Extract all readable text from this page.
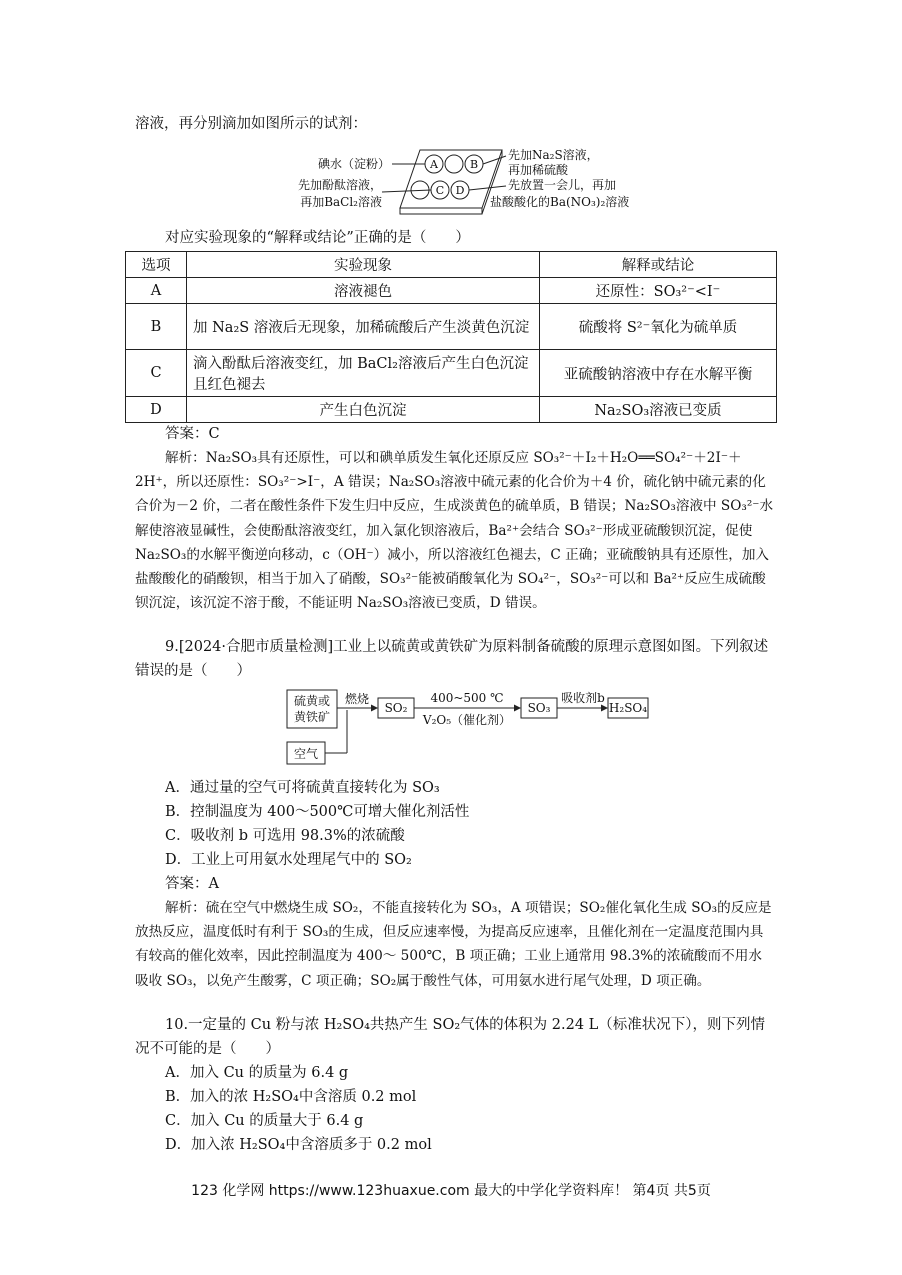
溶液，再分别滴加如图所示的试剂：

A	B
C D
碘水（淀粉）
先加Na₂S溶液，
再加稀硫酸
先加酚酞溶液，
再加BaCl₂溶液
先放置一会儿，再加
盐酸酸化的Ba(NO₃)₂溶液

对应实验现象的“解释或结论”正确的是（　　）

选项	实验现象	解释或结论
A	溶液褪色	还原性：SO₃²⁻<I⁻
B	加 Na₂S 溶液后无现象，加稀硫酸后产生淡黄色沉淀	硫酸将 S²⁻氧化为硫单质
C	滴入酚酞后溶液变红，加 BaCl₂溶液后产生白色沉淀且红色褪去	亚硫酸钠溶液中存在水解平衡
D	产生白色沉淀	Na₂SO₃溶液已变质

答案：C

解析：Na₂SO₃具有还原性，可以和碘单质发生氧化还原反应 SO₃²⁻＋I₂＋H₂O══SO₄²⁻＋2I⁻＋2H⁺，所以还原性：SO₃²⁻>I⁻，A 错误；Na₂SO₃溶液中硫元素的化合价为＋4 价，硫化钠中硫元素的化合价为－2 价，二者在酸性条件下发生归中反应，生成淡黄色的硫单质，B 错误；Na₂SO₃溶液中 SO₃²⁻水解使溶液显碱性，会使酚酞溶液变红，加入氯化钡溶液后，Ba²⁺会结合 SO₃²⁻形成亚硫酸钡沉淀，促使 Na₂SO₃的水解平衡逆向移动，c（OH⁻）减小，所以溶液红色褪去，C 正确；亚硫酸钠具有还原性，加入盐酸酸化的硝酸钡，相当于加入了硝酸，SO₃²⁻能被硝酸氧化为 SO₄²⁻，SO₃²⁻可以和 Ba²⁺反应生成硫酸钡沉淀，该沉淀不溶于酸，不能证明 Na₂SO₃溶液已变质，D 错误。

9.[2024·合肥市质量检测]工业上以硫黄或黄铁矿为原料制备硫酸的原理示意图如图。下列叙述错误的是（　　）

硫黄或
黄铁矿
燃烧
SO₂
400~500 ℃
V₂O₅（催化剂）
SO₃
吸收剂b
H₂SO₄
空气

A．通过量的空气可将硫黄直接转化为 SO₃

B．控制温度为 400～500℃可增大催化剂活性

C．吸收剂 b 可选用 98.3%的浓硫酸

D．工业上可用氨水处理尾气中的 SO₂

答案：A

解析：硫在空气中燃烧生成 SO₂，不能直接转化为 SO₃，A 项错误；SO₂催化氧化生成 SO₃的反应是放热反应，温度低时有利于 SO₃的生成，但反应速率慢，为提高反应速率，且催化剂在一定温度范围内具有较高的催化效率，因此控制温度为 400～ 500℃，B 项正确；工业上通常用 98.3%的浓硫酸而不用水吸收 SO₃，以免产生酸雾，C 项正确；SO₂属于酸性气体，可用氨水进行尾气处理，D 项正确。

10.一定量的 Cu 粉与浓 H₂SO₄共热产生 SO₂气体的体积为 2.24 L（标准状况下），则下列情况不可能的是（　　）

A．加入 Cu 的质量为 6.4 g

B．加入的浓 H₂SO₄中含溶质 0.2 mol

C．加入 Cu 的质量大于 6.4 g

D．加入浓 H₂SO₄中含溶质多于 0.2 mol

123 化学网 https://www.123huaxue.com 最大的中学化学资料库！ 第4页 共5页
